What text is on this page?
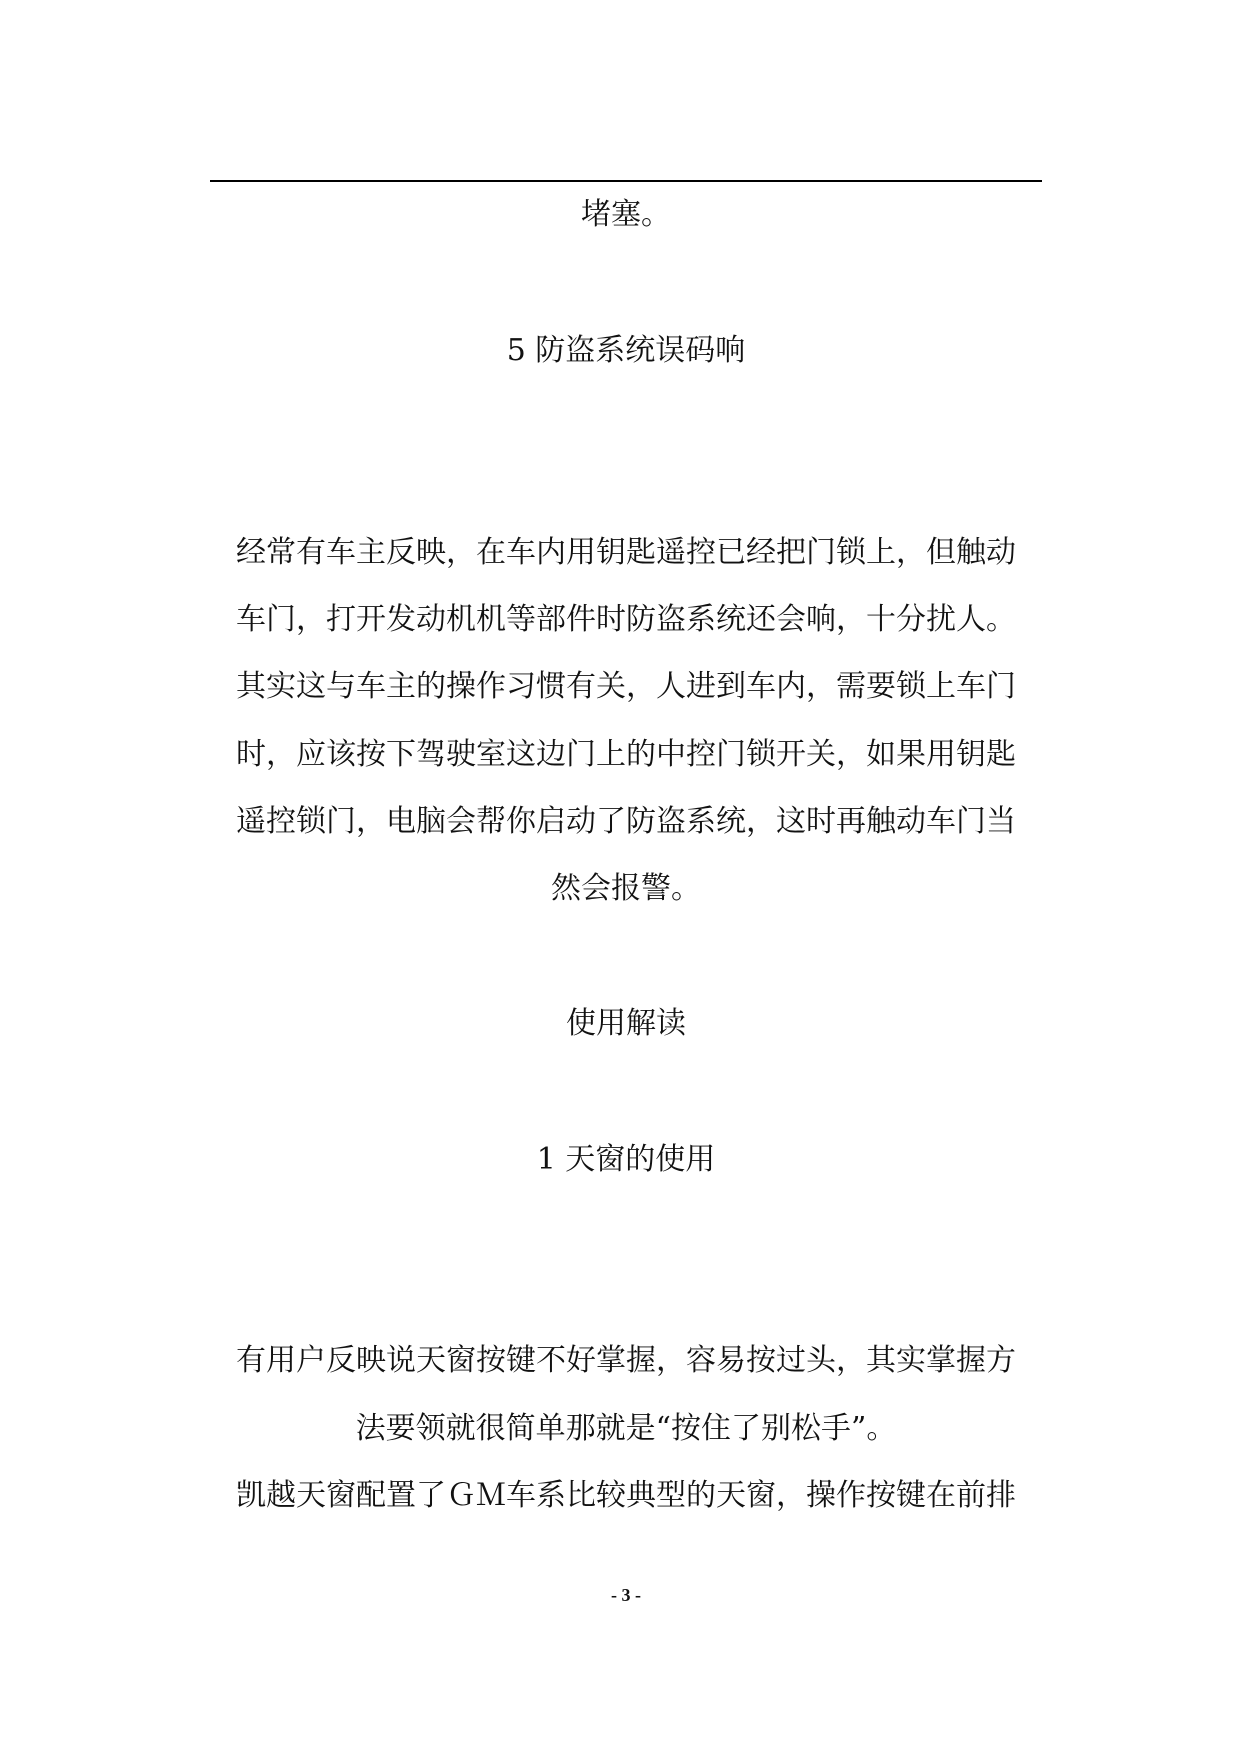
堵塞。

5 防盗系统误码响

经常有车主反映，在车内用钥匙遥控已经把门锁上，但触动

车门，打开发动机机等部件时防盗系统还会响，十分扰人。

其实这与车主的操作习惯有关，人进到车内，需要锁上车门

时，应该按下驾驶室这边门上的中控门锁开关，如果用钥匙

遥控锁门，电脑会帮你启动了防盗系统，这时再触动车门当

然会报警。

使用解读

1 天窗的使用

有用户反映说天窗按键不好掌握，容易按过头，其实掌握方

法要领就很简单那就是“按住了别松手”。

凯越天窗配置了ＧＭ车系比较典型的天窗，操作按键在前排

- 3 -
